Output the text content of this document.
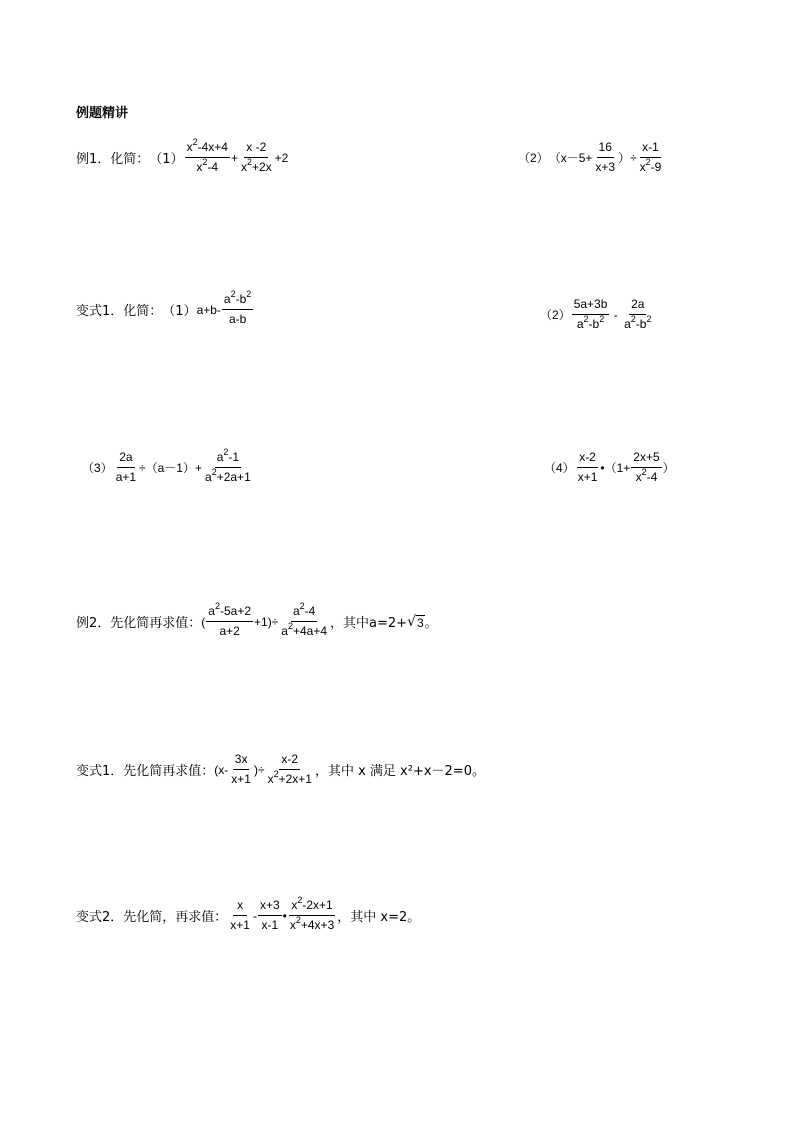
例题精讲
例1．化简： $(1) \frac{x^2-4x+4}{x^2-4} + \frac{x -2}{x^2+2x} +2$	（2） （$x-5+ \frac{16}{x+3}$ ）÷ $\frac{x-1}{x^2-9}$
变式1．化简： （1） $a+b- \frac{a^2-b^2}{a-b}$	$(2) \frac{5a+3b}{a^2-b^2} - \frac{2a}{a^2-b^2}$
$(3) \frac{2a}{a+1} \div(a-1)+ \frac{a^2-1}{a^2+2a+1}$	$(4) \frac{x-2}{x+1}$ •（1+ $\frac{2x+5}{x^2-4}$ ）
例2．先化简再求值： ( $\frac{a^2-5a+2}{a+2} +1)\div \frac{a^2-4}{a^2+4a+4}$ ，其中a=2+ √ 3 。
变式1．先化简再求值： ($x- \frac{3x}{x+1}$ )÷ $\frac{x-2}{x^2+2x+1}$ ，其中 x 满足 x²+x－2=0。
变式2．先化简，再求值： $\frac{x}{x+1} - \frac{x+3}{x-1}$ • $\frac{x^2-2x+1}{x^2+4x+3}$ ，其中 x=2。
